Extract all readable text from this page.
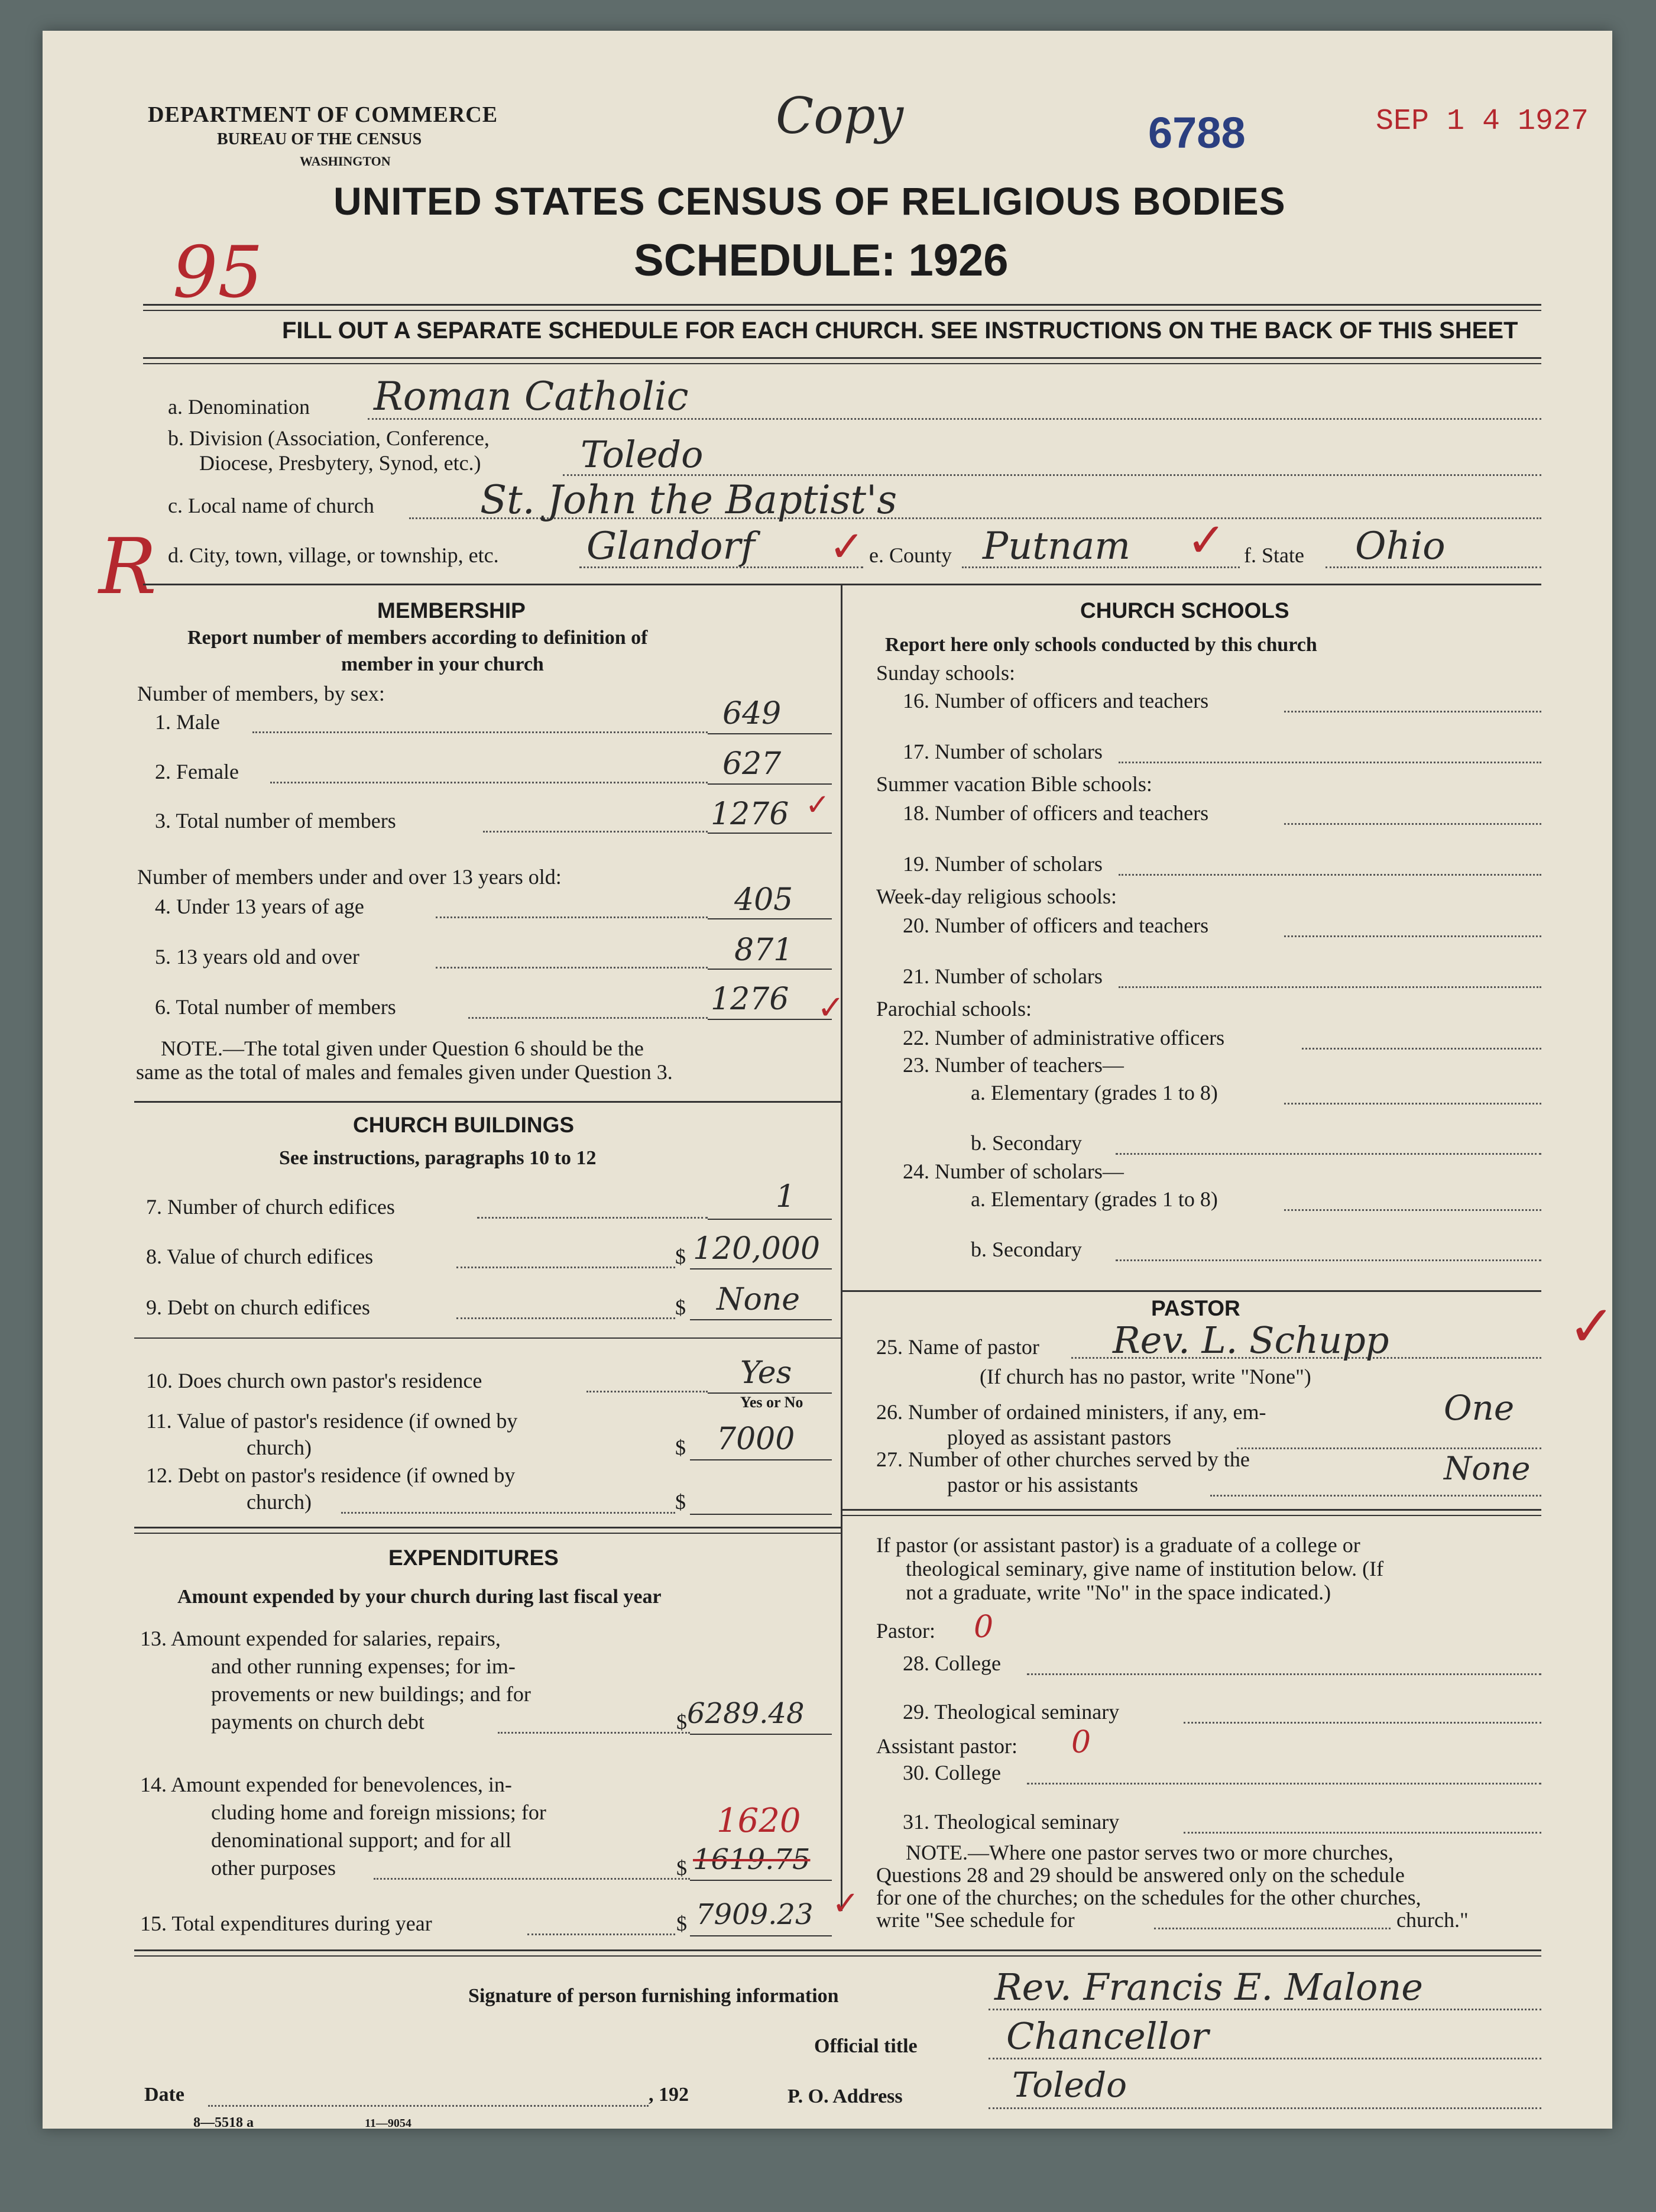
DEPARTMENT OF COMMERCE
BUREAU OF THE CENSUS
WASHINGTON
Copy	6788	SEP 1 4 1927
UNITED STATES CENSUS OF RELIGIOUS BODIES
SCHEDULE: 1926
95
FILL OUT A SEPARATE SCHEDULE FOR EACH CHURCH. SEE INSTRUCTIONS ON THE BACK OF THIS SHEET
a. Denomination Roman Catholic
b. Division (Association, Conference,
Diocese, Presbytery, Synod, etc.)	Toledo
c. Local name of church	St. John the Baptist's
R d. City, town, village, or township, etc. Glandorf ✓ e. County Putnam ✓ f. State Ohio
MEMBERSHIP
Report number of members according to definition of
member in your church
Number of members, by sex:
1. Male	649
2. Female	627
3. Total number of members	1276 ✓
Number of members under and over 13 years old:
4. Under 13 years of age	405
5. 13 years old and over	871
6. Total number of members	1276 ✓
NOTE.—The total given under Question 6 should be the
same as the total of males and females given under Question 3.
CHURCH BUILDINGS
See instructions, paragraphs 10 to 12
7. Number of church edifices	1
8. Value of church edifices	$ 120,000
9. Debt on church edifices	$ None
10. Does church own pastor's residence	Yes
Yes or No
11. Value of pastor's residence (if owned by
church)	$ 7000
12. Debt on pastor's residence (if owned by
church)	$
EXPENDITURES
Amount expended by your church during last fiscal year
13. Amount expended for salaries, repairs,
and other running expenses; for im-
provements or new buildings; and for
payments on church debt	$ 6289.48
14. Amount expended for benevolences, in-
cluding home and foreign missions; for
denominational support; and for all
other purposes
1620
$ 1619.75
15. Total expenditures during year	$ 7909.23 ✓
CHURCH SCHOOLS
Report here only schools conducted by this church
Sunday schools:
16. Number of officers and teachers
17. Number of scholars
Summer vacation Bible schools:
18. Number of officers and teachers
19. Number of scholars
Week-day religious schools:
20. Number of officers and teachers
21. Number of scholars
Parochial schools:
22. Number of administrative officers
23. Number of teachers—
a. Elementary (grades 1 to 8)
b. Secondary
24. Number of scholars—
a. Elementary (grades 1 to 8)
b. Secondary
PASTOR
25. Name of pastor Rev. L. Schupp	✓
(If church has no pastor, write "None")
26. Number of ordained ministers, if any, em-
ployed as assistant pastors
One
27. Number of other churches served by the
pastor or his assistants	None
If pastor (or assistant pastor) is a graduate of a college or
theological seminary, give name of institution below. (If
not a graduate, write "No" in the space indicated.)
Pastor: 0
28. College
29. Theological seminary
Assistant pastor: 0
30. College
31. Theological seminary
NOTE.—Where one pastor serves two or more churches,
Questions 28 and 29 should be answered only on the schedule
for one of the churches; on the schedules for the other churches,
write "See schedule for	church."
Signature of person furnishing information	Rev. Francis E. Malone
Official title Chancellor
Date	, 192	P. O. Address	Toledo
8—5518 a	11—9054
